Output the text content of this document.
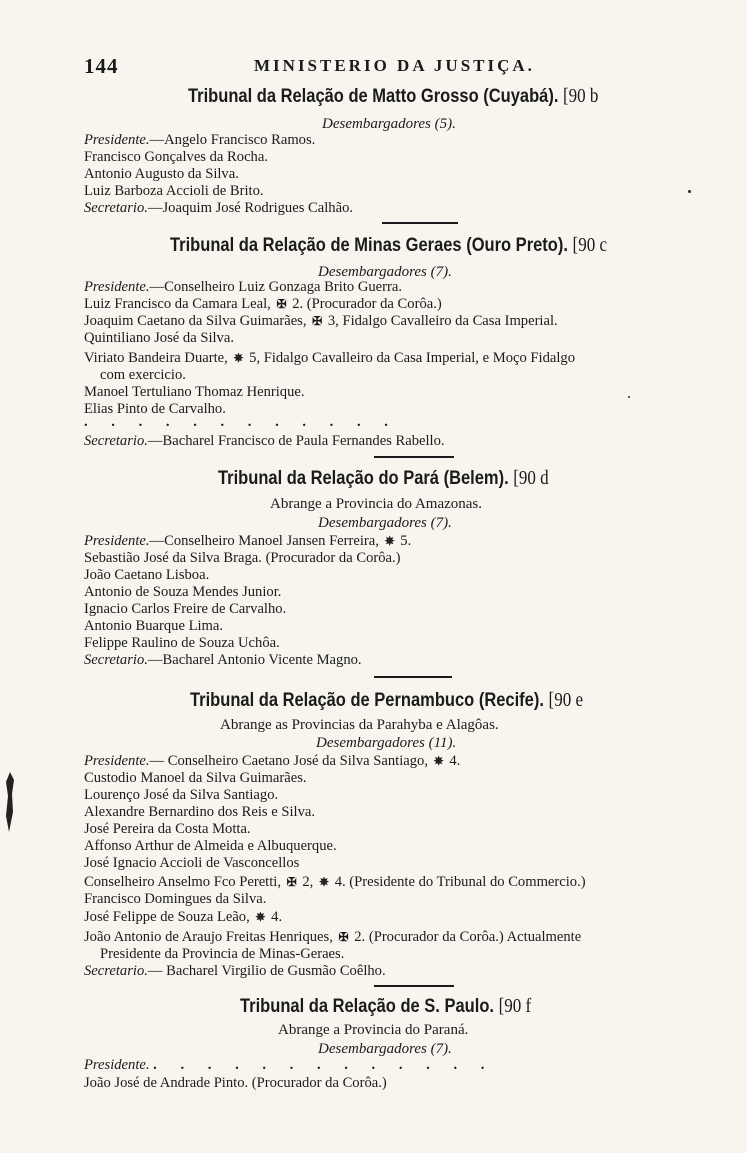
144	MINISTERIO DA JUSTIÇA.
Tribunal da Relação de Matto Grosso (Cuyabá). [90 b
Desembargadores (5).
Presidente.—Angelo Francisco Ramos.
Francisco Gonçalves da Rocha.
Antonio Augusto da Silva.
Luiz Barboza Accioli de Brito.
Secretario.—Joaquim José Rodrigues Calhão.
Tribunal da Relação de Minas Geraes (Ouro Preto). [90 c
Desembargadores (7).
Presidente.—Conselheiro Luiz Gonzaga Brito Guerra.
Luiz Francisco da Camara Leal, ✠ 2. (Procurador da Corôa.)
Joaquim Caetano da Silva Guimarães, ✠ 3, Fidalgo Cavalleiro da Casa Imperial.
Quintiliano José da Silva.
Viriato Bandeira Duarte, ✵ 5, Fidalgo Cavalleiro da Casa Imperial, e Moço Fidalgo
com exercicio.
Manoel Tertuliano Thomaz Henrique.
Elias Pinto de Carvalho.
. . . . . . . . . . . .
Secretario.—Bacharel Francisco de Paula Fernandes Rabello.
Tribunal da Relação do Pará (Belem). [90 d
Abrange a Provincia do Amazonas.
Desembargadores (7).
Presidente.—Conselheiro Manoel Jansen Ferreira, ✵ 5.
Sebastião José da Silva Braga. (Procurador da Corôa.)
João Caetano Lisboa.
Antonio de Souza Mendes Junior.
Ignacio Carlos Freire de Carvalho.
Antonio Buarque Lima.
Felippe Raulino de Souza Uchôa.
Secretario.—Bacharel Antonio Vicente Magno.
Tribunal da Relação de Pernambuco (Recife). [90 e
Abrange as Provincias da Parahyba e Alagôas.
Desembargadores (11).
Presidente.— Conselheiro Caetano José da Silva Santiago, ✵ 4.
Custodio Manoel da Silva Guimarães.
Lourenço José da Silva Santiago.
Alexandre Bernardino dos Reis e Silva.
José Pereira da Costa Motta.
Affonso Arthur de Almeida e Albuquerque.
José Ignacio Accioli de Vasconcellos
Conselheiro Anselmo Fco Peretti, ✠ 2, ✵ 4. (Presidente do Tribunal do Commercio.)
Francisco Domingues da Silva.
José Felippe de Souza Leão, ✵ 4.
João Antonio de Araujo Freitas Henriques, ✠ 2. (Procurador da Corôa.) Actualmente
Presidente da Provincia de Minas-Geraes.
Secretario.— Bacharel Virgilio de Gusmão Coêlho.
Tribunal da Relação de S. Paulo. [90 f
Abrange a Provincia do Paraná.
Desembargadores (7).
Presidente. . . . . . . . . . . . . .
João José de Andrade Pinto. (Procurador da Corôa.)
